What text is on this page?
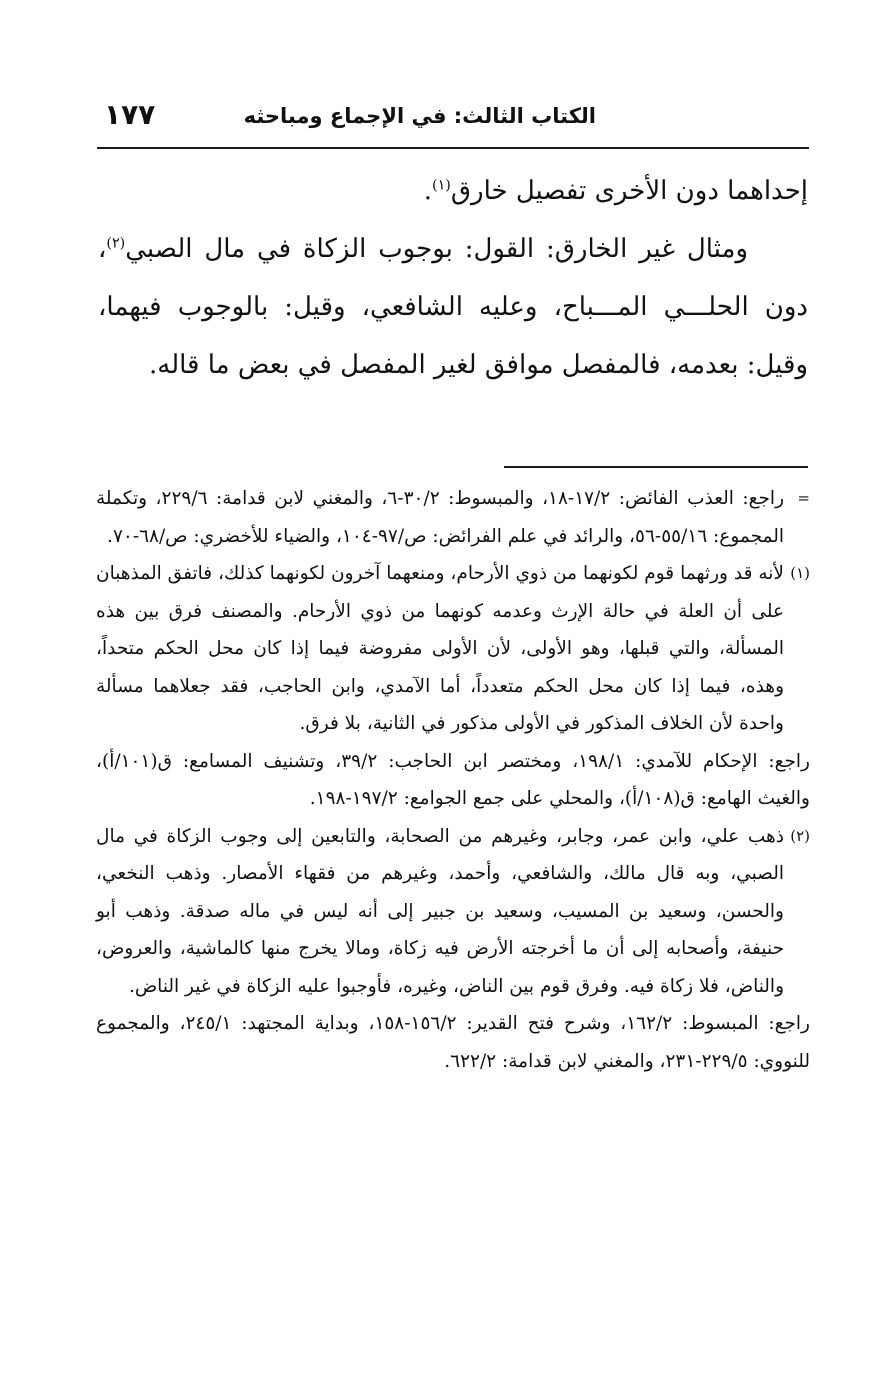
الكتاب الثالث: في الإجماع ومباحثه
١٧٧

إحداهما دون الأخرى تفصيل خارق$^{(١)}$.

ومثال غير الخارق: القول: بوجوب الزكاة في مال الصبي$^{(٢)}$، دون الحلـــي المـــباح، وعليه الشافعي، وقيل: بالوجوب فيهما، وقيل: بعدمه، فالمفصل موافق لغير المفصل في بعض ما قاله.

=

راجع: العذب الفائض: ١٧/٢-١٨، والمبسوط: ٣٠/٢-٦، والمغني لابن قدامة: ٢٢٩/٦، وتكملة المجموع: ٥٥/١٦-٥٦، والرائد في علم الفرائض: ص/٩٧-١٠٤، والضياء للأخضري: ص/٦٨-٧٠.

(١)

لأنه قد ورثهما قوم لكونهما من ذوي الأرحام، ومنعهما آخرون لكونهما كذلك، فاتفق المذهبان على أن العلة في حالة الإرث وعدمه كونهما من ذوي الأرحام. والمصنف فرق بين هذه المسألة، والتي قبلها، وهو الأولى، لأن الأولى مفروضة فيما إذا كان محل الحكم متحداً، وهذه، فيما إذا كان محل الحكم متعدداً، أما الآمدي، وابن الحاجب، فقد جعلاهما مسألة واحدة لأن الخلاف المذكور في الأولى مذكور في الثانية، بلا فرق.

راجع: الإحكام للآمدي: ١٩٨/١، ومختصر ابن الحاجب: ٣٩/٢، وتشنيف المسامع: ق(١٠١/أ)، والغيث الهامع: ق(١٠٨/أ)، والمحلي على جمع الجوامع: ١٩٧/٢-١٩٨.

(٢)

ذهب علي، وابن عمر، وجابر، وغيرهم من الصحابة، والتابعين إلى وجوب الزكاة في مال الصبي، وبه قال مالك، والشافعي، وأحمد، وغيرهم من فقهاء الأمصار. وذهب النخعي، والحسن، وسعيد بن المسيب، وسعيد بن جبير إلى أنه ليس في ماله صدقة. وذهب أبو حنيفة، وأصحابه إلى أن ما أخرجته الأرض فيه زكاة، ومالا يخرج منها كالماشية، والعروض، والناض، فلا زكاة فيه. وفرق قوم بين الناض، وغيره، فأوجبوا عليه الزكاة في غير الناض.

راجع: المبسوط: ١٦٢/٢، وشرح فتح القدير: ١٥٦/٢-١٥٨، وبداية المجتهد: ٢٤٥/١، والمجموع للنووي: ٢٢٩/٥-٢٣١، والمغني لابن قدامة: ٦٢٢/٢.
